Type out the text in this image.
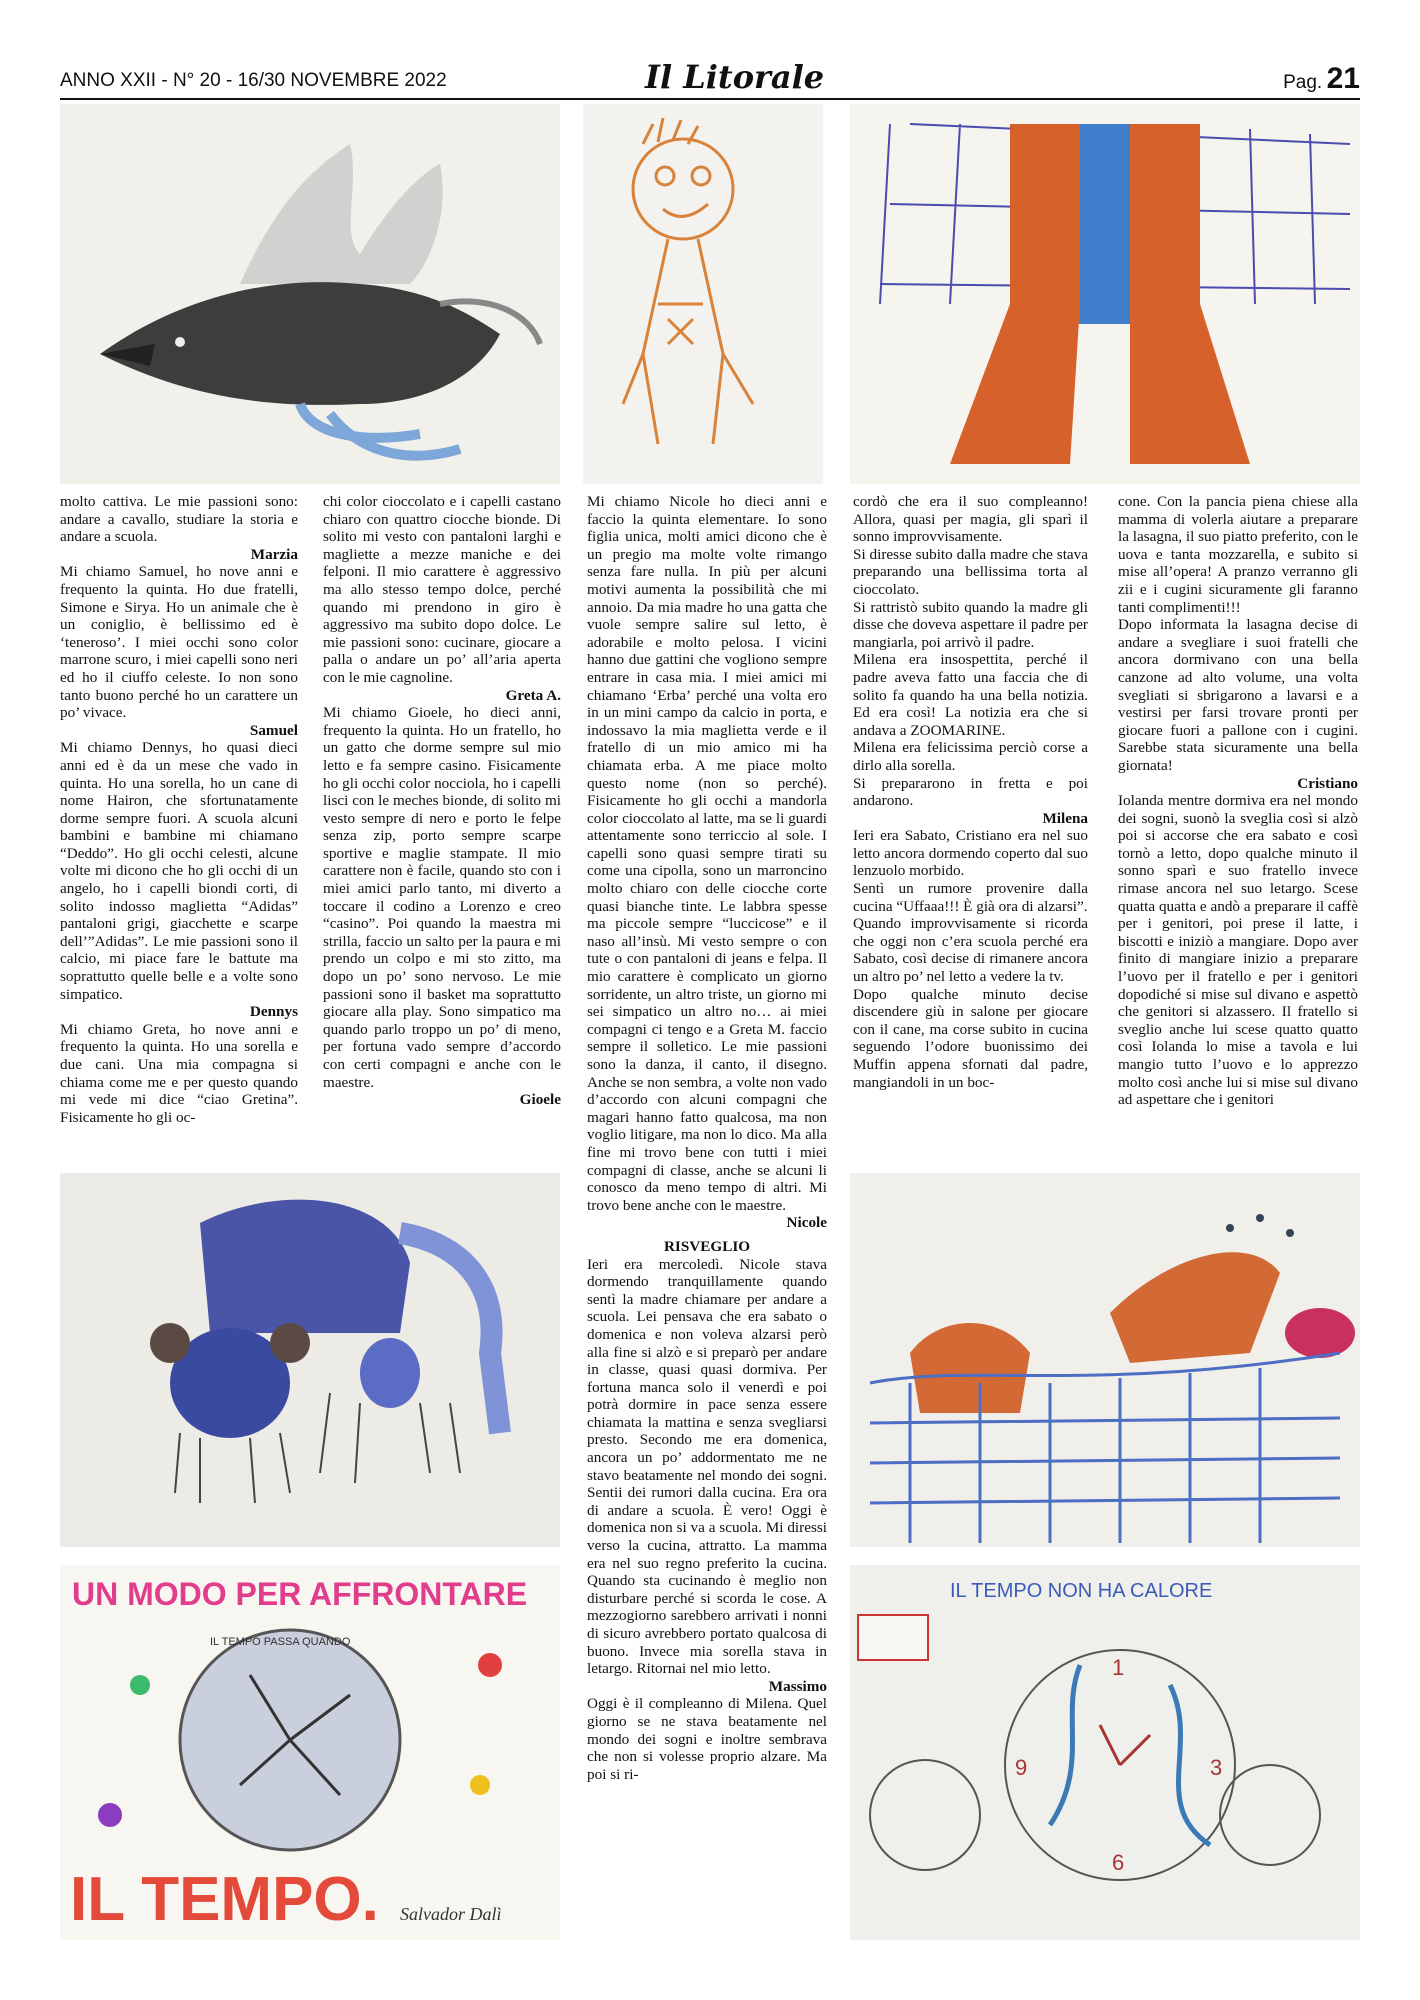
ANNO XXII - N° 20 - 16/30 NOVEMBRE 2022	Il Litorale	Pag. 21
UN MODO PER AFFRONTARE
IL TEMPO PASSA QUANDO
IL TEMPO. Salvador Dalì
IL TEMPO NON HA CALORE
1
3
6
9

molto cattiva. Le mie passioni sono: andare a cavallo, studiare la storia e andare a scuola.

Marzia

Mi chiamo Samuel, ho nove anni e frequento la quinta. Ho due fratelli, Simone e Sirya. Ho un animale che è un coniglio, è bellissimo ed è ‘teneroso’. I miei occhi sono color marrone scuro, i miei capelli sono neri ed ho il ciuffo celeste. Io non sono tanto buono perché ho un carattere un po’ vivace.

Samuel

Mi chiamo Dennys, ho quasi dieci anni ed è da un mese che vado in quinta. Ho una sorella, ho un cane di nome Hairon, che sfortunatamente dorme sempre fuori. A scuola alcuni bambini e bambine mi chiamano “Deddo”. Ho gli occhi celesti, alcune volte mi dicono che ho gli occhi di un angelo, ho i capelli biondi corti, di solito indosso maglietta “Adidas” pantaloni grigi, giacchette e scarpe dell’”Adidas”. Le mie passioni sono il calcio, mi piace fare le battute ma soprattutto quelle belle e a volte sono simpatico.

Dennys

Mi chiamo Greta, ho nove anni e frequento la quinta. Ho una sorella e due cani. Una mia compagna si chiama come me e per questo quando mi vede mi dice “ciao Gretina”. Fisicamente ho gli oc-

chi color cioccolato e i capelli castano chiaro con quattro ciocche bionde. Di solito mi vesto con pantaloni larghi e magliette a mezze maniche e dei felponi. Il mio carattere è aggressivo ma allo stesso tempo dolce, perché quando mi prendono in giro è aggressivo ma subito dopo dolce. Le mie passioni sono: cucinare, giocare a palla o andare un po’ all’aria aperta con le mie cagnoline.

Greta A.

Mi chiamo Gioele, ho dieci anni, frequento la quinta. Ho un fratello, ho un gatto che dorme sempre sul mio letto e fa sempre casino. Fisicamente ho gli occhi color nocciola, ho i capelli lisci con le meches bionde, di solito mi vesto sempre di nero e porto le felpe senza zip, porto sempre scarpe sportive e maglie stampate. Il mio carattere non è facile, quando sto con i miei amici parlo tanto, mi diverto a toccare il codino a Lorenzo e creo “casino”. Poi quando la maestra mi strilla, faccio un salto per la paura e mi prendo un colpo e mi sto zitto, ma dopo un po’ sono nervoso. Le mie passioni sono il basket ma soprattutto giocare alla play. Sono simpatico ma quando parlo troppo un po’ di meno, per fortuna vado sempre d’accordo con certi compagni e anche con le maestre.

Gioele

Mi chiamo Nicole ho dieci anni e faccio la quinta elementare. Io sono figlia unica, molti amici dicono che è un pregio ma molte volte rimango senza fare nulla. In più per alcuni motivi aumenta la possibilità che mi annoio. Da mia madre ho una gatta che vuole sempre salire sul letto, è adorabile e molto pelosa. I vicini hanno due gattini che vogliono sempre entrare in casa mia. I miei amici mi chiamano ‘Erba’ perché una volta ero in un mini campo da calcio in porta, e indossavo la mia maglietta verde e il fratello di un mio amico mi ha chiamata erba. A me piace molto questo nome (non so perché). Fisicamente ho gli occhi a mandorla color cioccolato al latte, ma se li guardi attentamente sono terriccio al sole. I capelli sono quasi sempre tirati su come una cipolla, sono un marroncino molto chiaro con delle ciocche corte quasi bianche tinte. Le labbra spesse ma piccole sempre “luccicose” e il naso all’insù. Mi vesto sempre o con tute o con pantaloni di jeans e felpa. Il mio carattere è complicato un giorno sorridente, un altro triste, un giorno mi sei simpatico un altro no… ai miei compagni ci tengo e a Greta M. faccio sempre il solletico. Le mie passioni sono la danza, il canto, il disegno. Anche se non sembra, a volte non vado d’accordo con alcuni compagni che magari hanno fatto qualcosa, ma non voglio litigare, ma non lo dico. Ma alla fine mi trovo bene con tutti i miei compagni di classe, anche se alcuni li conosco da meno tempo di altri. Mi trovo bene anche con le maestre.

Nicole

RISVEGLIO

Ieri era mercoledì. Nicole stava dormendo tranquillamente quando sentì la madre chiamare per andare a scuola. Lei pensava che era sabato o domenica e non voleva alzarsi però alla fine si alzò e si preparò per andare in classe, quasi quasi dormiva. Per fortuna manca solo il venerdì e poi potrà dormire in pace senza essere chiamata la mattina e senza svegliarsi presto. Secondo me era domenica, ancora un po’ addormentato me ne stavo beatamente nel mondo dei sogni. Sentii dei rumori dalla cucina. Era ora di andare a scuola. È vero! Oggi è domenica non si va a scuola. Mi diressi verso la cucina, attratto. La mamma era nel suo regno preferito la cucina. Quando sta cucinando è meglio non disturbare perché si scorda le cose. A mezzogiorno sarebbero arrivati i nonni di sicuro avrebbero portato qualcosa di buono. Invece mia sorella stava in letargo. Ritornai nel mio letto.

Massimo

Oggi è il compleanno di Milena. Quel giorno se ne stava beatamente nel mondo dei sogni e inoltre sembrava che non si volesse proprio alzare. Ma poi si ri-

cordò che era il suo compleanno! Allora, quasi per magia, gli sparì il sonno improvvisamente.

Si diresse subito dalla madre che stava preparando una bellissima torta al cioccolato.

Si rattristò subito quando la madre gli disse che doveva aspettare il padre per mangiarla, poi arrivò il padre.

Milena era insospettita, perché il padre aveva fatto una faccia che di solito fa quando ha una bella notizia. Ed era così! La notizia era che si andava a ZOOMARINE.

Milena era felicissima perciò corse a dirlo alla sorella.

Si prepararono in fretta e poi andarono.

Milena

Ieri era Sabato, Cristiano era nel suo letto ancora dormendo coperto dal suo lenzuolo morbido.

Sentì un rumore provenire dalla cucina “Uffaaa!!! È già ora di alzarsi”.

Quando improvvisamente si ricorda che oggi non c’era scuola perché era Sabato, così decise di rimanere ancora un altro po’ nel letto a vedere la tv.

Dopo qualche minuto decise discendere giù in salone per giocare con il cane, ma corse subito in cucina seguendo l’odore buonissimo dei Muffin appena sfornati dal padre, mangiandoli in un boc-

cone. Con la pancia piena chiese alla mamma di volerla aiutare a preparare la lasagna, il suo piatto preferito, con le uova e tanta mozzarella, e subito si mise all’opera! A pranzo verranno gli zii e i cugini sicuramente gli faranno tanti complimenti!!!

Dopo informata la lasagna decise di andare a svegliare i suoi fratelli che ancora dormivano con una bella canzone ad alto volume, una volta svegliati si sbrigarono a lavarsi e a vestirsi per farsi trovare pronti per giocare fuori a pallone con i cugini. Sarebbe stata sicuramente una bella giornata!

Cristiano

Iolanda mentre dormiva era nel mondo dei sogni, suonò la sveglia così si alzò poi si accorse che era sabato e così tornò a letto, dopo qualche minuto il sonno sparì e suo fratello invece rimase ancora nel suo letargo. Scese quatta quatta e andò a preparare il caffè per i genitori, poi prese il latte, i biscotti e iniziò a mangiare. Dopo aver finito di mangiare inizio a preparare l’uovo per il fratello e per i genitori dopodiché si mise sul divano e aspettò che genitori si alzassero. Il fratello si sveglio anche lui scese quatto quatto così Iolanda lo mise a tavola e lui mangio tutto l’uovo e lo apprezzo molto così anche lui si mise sul divano ad aspettare che i genitori
